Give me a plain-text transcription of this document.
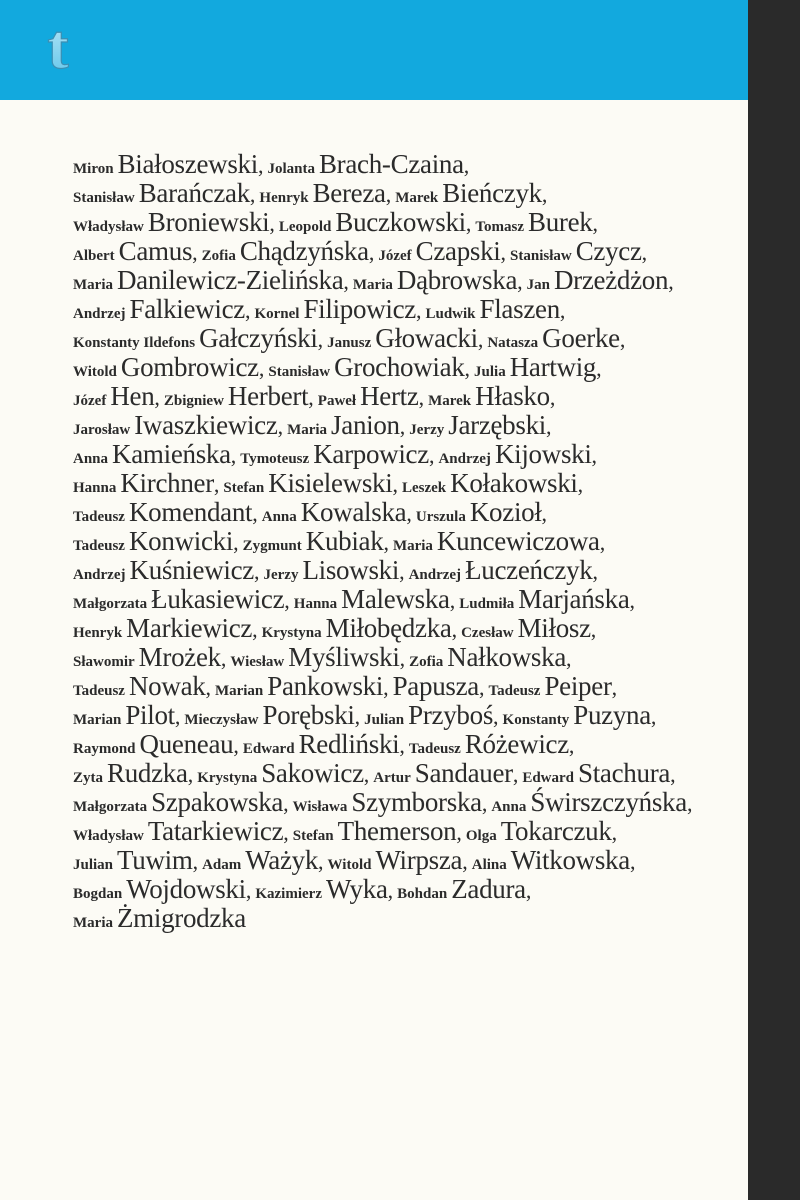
t
Miron Białoszewski, Jolanta Brach-Czaina,
Stanisław Barańczak, Henryk Bereza, Marek Bieńczyk,
Władysław Broniewski, Leopold Buczkowski, Tomasz Burek,
Albert Camus, Zofia Chądzyńska, Józef Czapski, Stanisław Czycz,
Maria Danilewicz-Zielińska, Maria Dąbrowska, Jan Drzeżdżon,
Andrzej Falkiewicz, Kornel Filipowicz, Ludwik Flaszen,
Konstanty Ildefons Gałczyński, Janusz Głowacki, Natasza Goerke,
Witold Gombrowicz, Stanisław Grochowiak, Julia Hartwig,
Józef Hen, Zbigniew Herbert, Paweł Hertz, Marek Hłasko,
Jarosław Iwaszkiewicz, Maria Janion, Jerzy Jarzębski,
Anna Kamieńska, Tymoteusz Karpowicz, Andrzej Kijowski,
Hanna Kirchner, Stefan Kisielewski, Leszek Kołakowski,
Tadeusz Komendant, Anna Kowalska, Urszula Kozioł,
Tadeusz Konwicki, Zygmunt Kubiak, Maria Kuncewiczowa,
Andrzej Kuśniewicz, Jerzy Lisowski, Andrzej Łuczeńczyk,
Małgorzata Łukasiewicz, Hanna Malewska, Ludmiła Marjańska,
Henryk Markiewicz, Krystyna Miłobędzka, Czesław Miłosz,
Sławomir Mrożek, Wiesław Myśliwski, Zofia Nałkowska,
Tadeusz Nowak, Marian Pankowski, Papusza, Tadeusz Peiper,
Marian Pilot, Mieczysław Porębski, Julian Przyboś, Konstanty Puzyna,
Raymond Queneau, Edward Redliński, Tadeusz Różewicz,
Zyta Rudzka, Krystyna Sakowicz, Artur Sandauer, Edward Stachura,
Małgorzata Szpakowska, Wisława Szymborska, Anna Świrszczyńska,
Władysław Tatarkiewicz, Stefan Themerson, Olga Tokarczuk,
Julian Tuwim, Adam Ważyk, Witold Wirpsza, Alina Witkowska,
Bogdan Wojdowski, Kazimierz Wyka, Bohdan Zadura,
Maria Żmigrodzka
